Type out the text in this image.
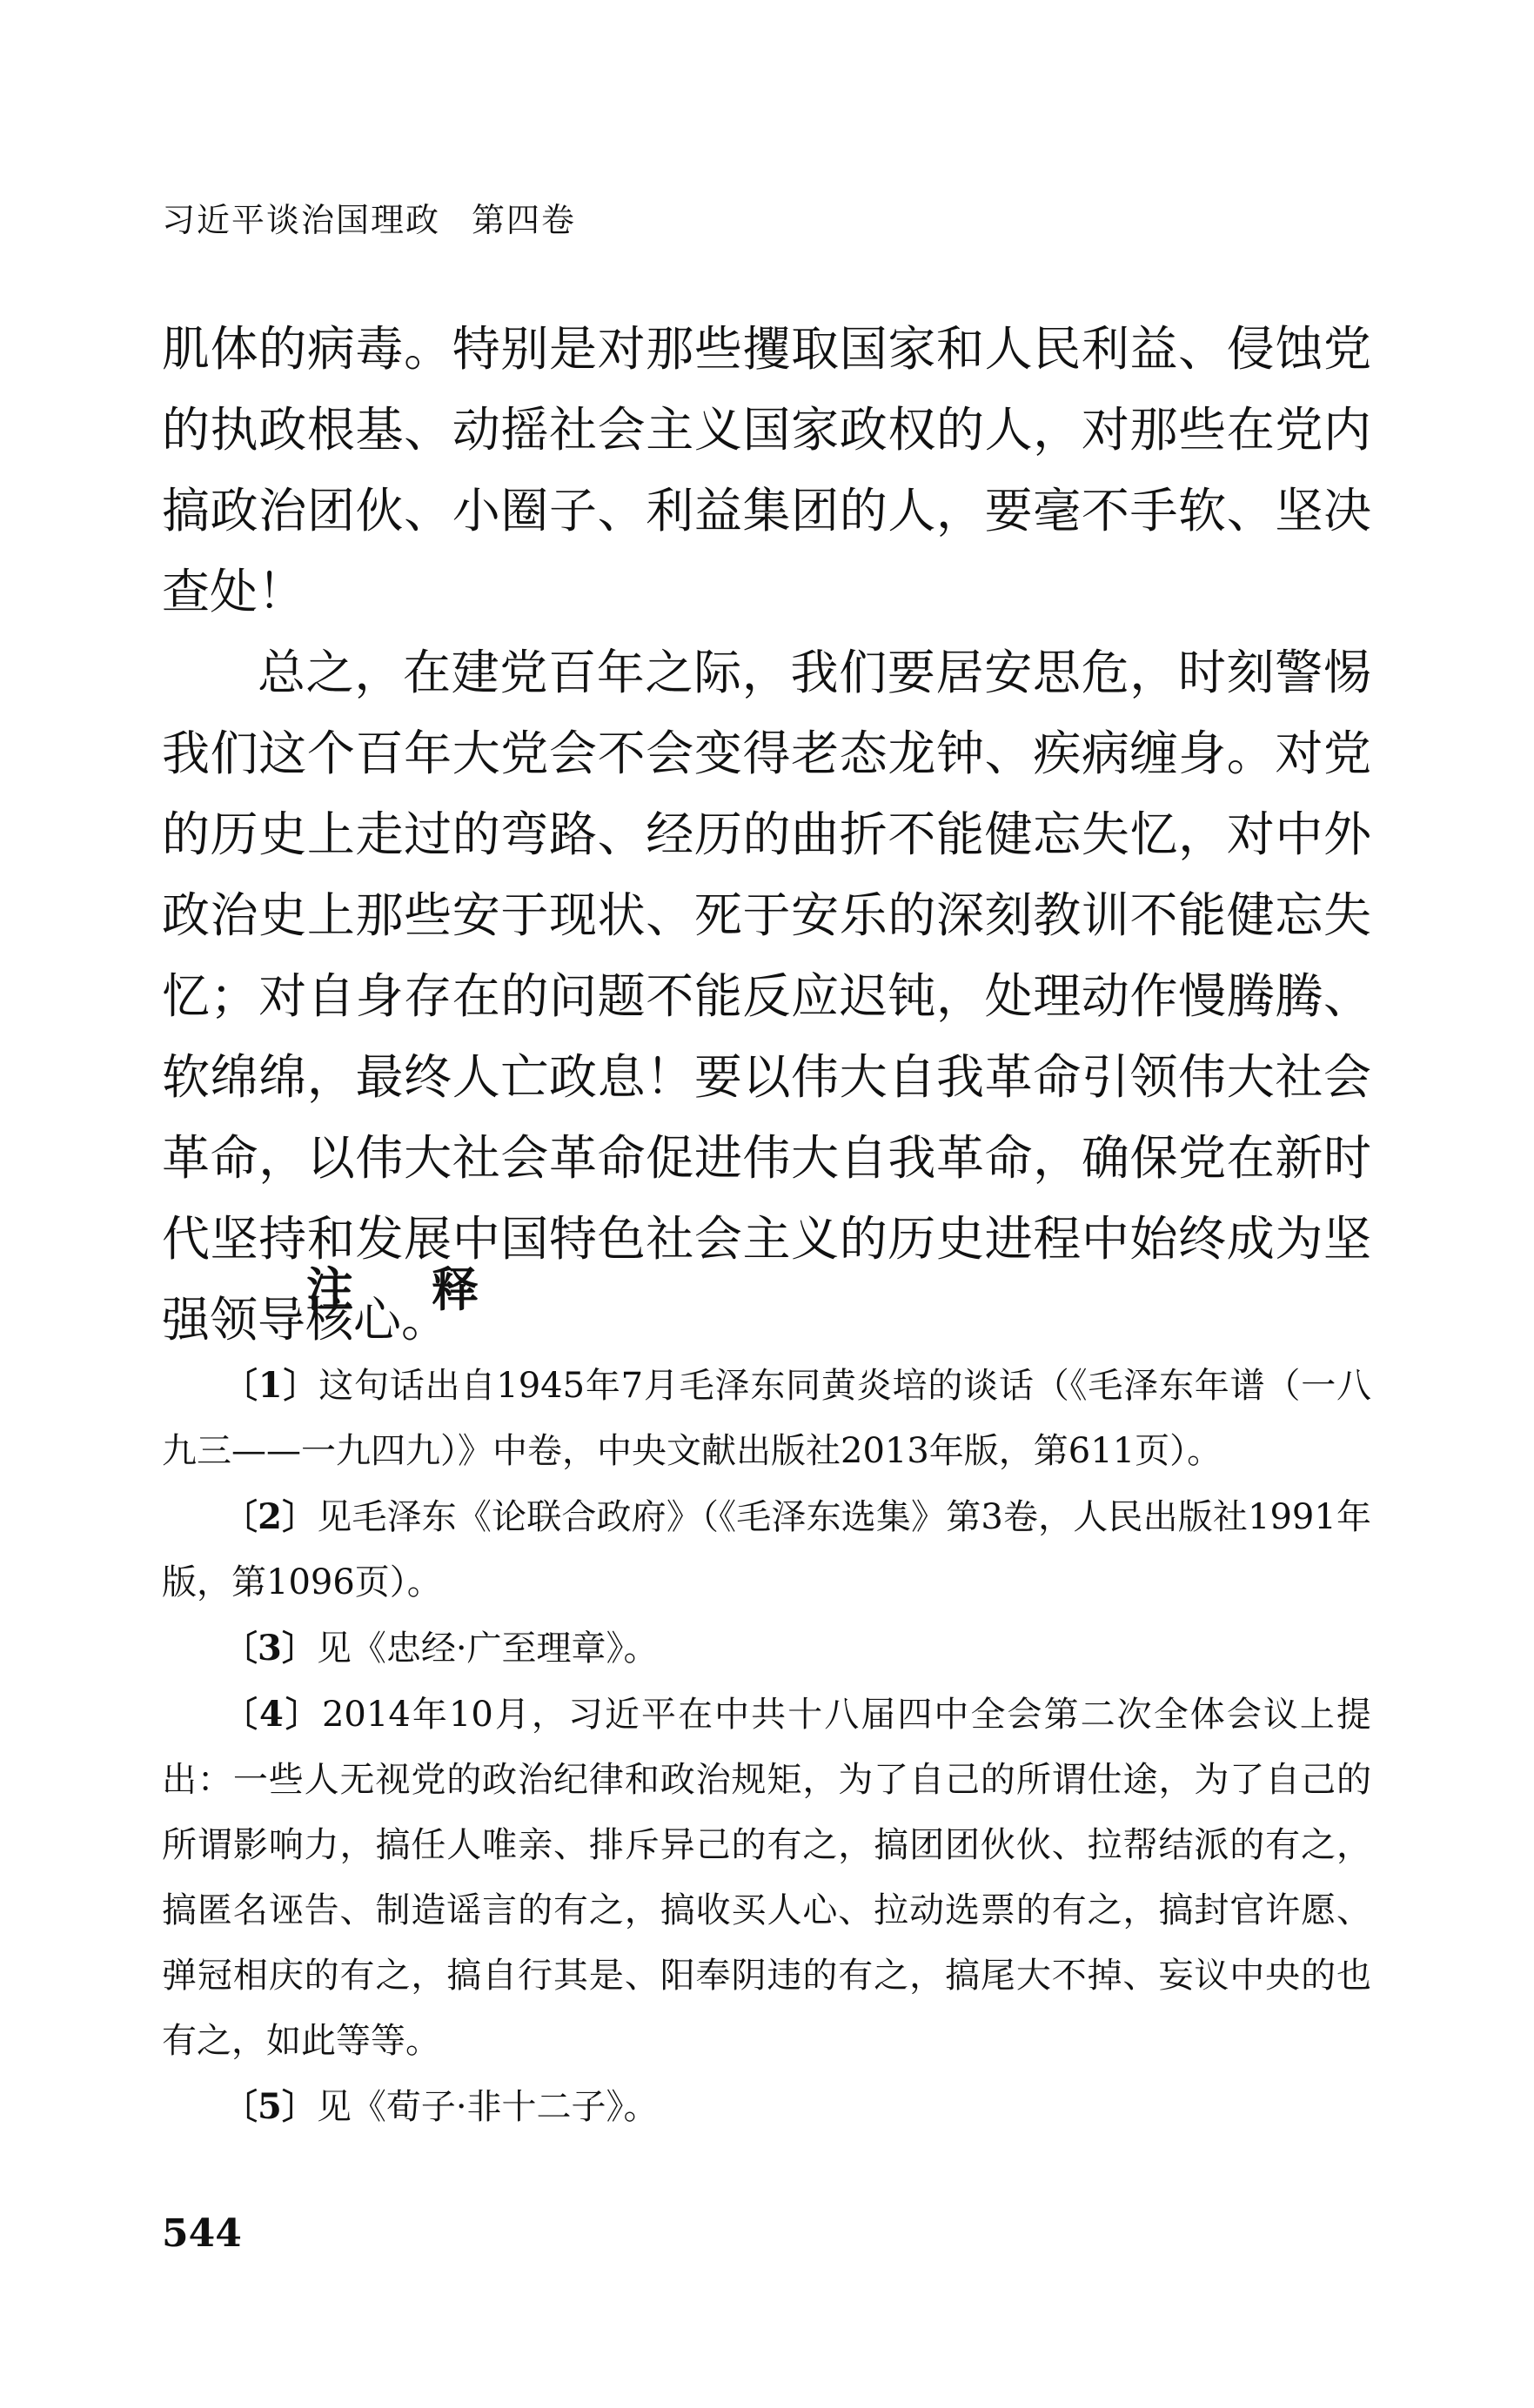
习近平谈治国理政 第四卷

肌体的病毒。特别是对那些攫取国家和人民利益、侵蚀党的执政根基、动摇社会主义国家政权的人，对那些在党内搞政治团伙、小圈子、利益集团的人，要毫不手软、坚决查处！

总之，在建党百年之际，我们要居安思危，时刻警惕我们这个百年大党会不会变得老态龙钟、疾病缠身。对党的历史上走过的弯路、经历的曲折不能健忘失忆，对中外政治史上那些安于现状、死于安乐的深刻教训不能健忘失忆；对自身存在的问题不能反应迟钝，处理动作慢腾腾、软绵绵，最终人亡政息！要以伟大自我革命引领伟大社会革命，以伟大社会革命促进伟大自我革命，确保党在新时代坚持和发展中国特色社会主义的历史进程中始终成为坚强领导核心。

注释

〔1〕这句话出自1945年7月毛泽东同黄炎培的谈话（《毛泽东年谱（一八九三——一九四九）》中卷，中央文献出版社2013年版，第611页）。

〔2〕见毛泽东《论联合政府》（《毛泽东选集》第3卷，人民出版社1991年版，第1096页）。

〔3〕见《忠经·广至理章》。

〔4〕2014年10月，习近平在中共十八届四中全会第二次全体会议上提出：一些人无视党的政治纪律和政治规矩，为了自己的所谓仕途，为了自己的所谓影响力，搞任人唯亲、排斥异己的有之，搞团团伙伙、拉帮结派的有之，搞匿名诬告、制造谣言的有之，搞收买人心、拉动选票的有之，搞封官许愿、弹冠相庆的有之，搞自行其是、阳奉阴违的有之，搞尾大不掉、妄议中央的也有之，如此等等。

〔5〕见《荀子·非十二子》。

544
